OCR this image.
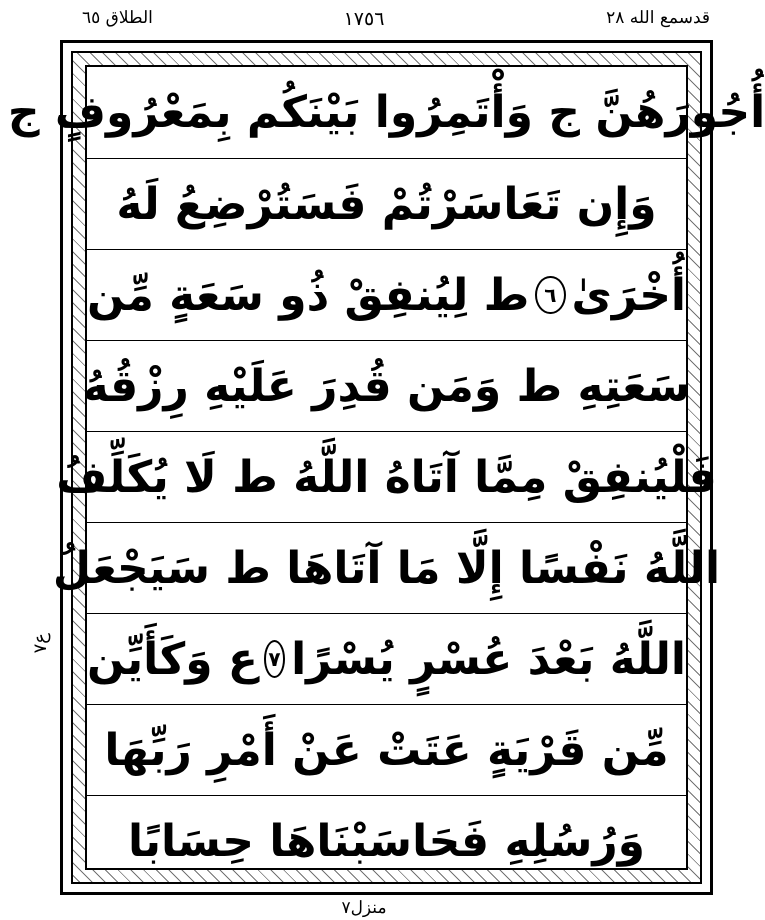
الطلاق ٦٥	١٧٥٦	قدسمع الله ٢٨
أُجُورَهُنَّ ج وَأْتَمِرُوا بَيْنَكُم بِمَعْرُوفٍ ج
وَإِن تَعَاسَرْتُمْ فَسَتُرْضِعُ لَهُ
أُخْرَىٰ
٦
ط لِيُنفِقْ ذُو سَعَةٍ مِّن
سَعَتِهِ ط وَمَن قُدِرَ عَلَيْهِ رِزْقُهُ
فَلْيُنفِقْ مِمَّا آتَاهُ اللَّهُ ط لَا يُكَلِّفُ
اللَّهُ نَفْسًا إِلَّا مَا آتَاهَا ط سَيَجْعَلُ
اللَّهُ بَعْدَ عُسْرٍ يُسْرًا
٧
ع وَكَأَيِّن
مِّن قَرْيَةٍ عَتَتْ عَنْ أَمْرِ رَبِّهَا
وَرُسُلِهِ فَحَاسَبْنَاهَا حِسَابًا
ع٧
منزل٧
